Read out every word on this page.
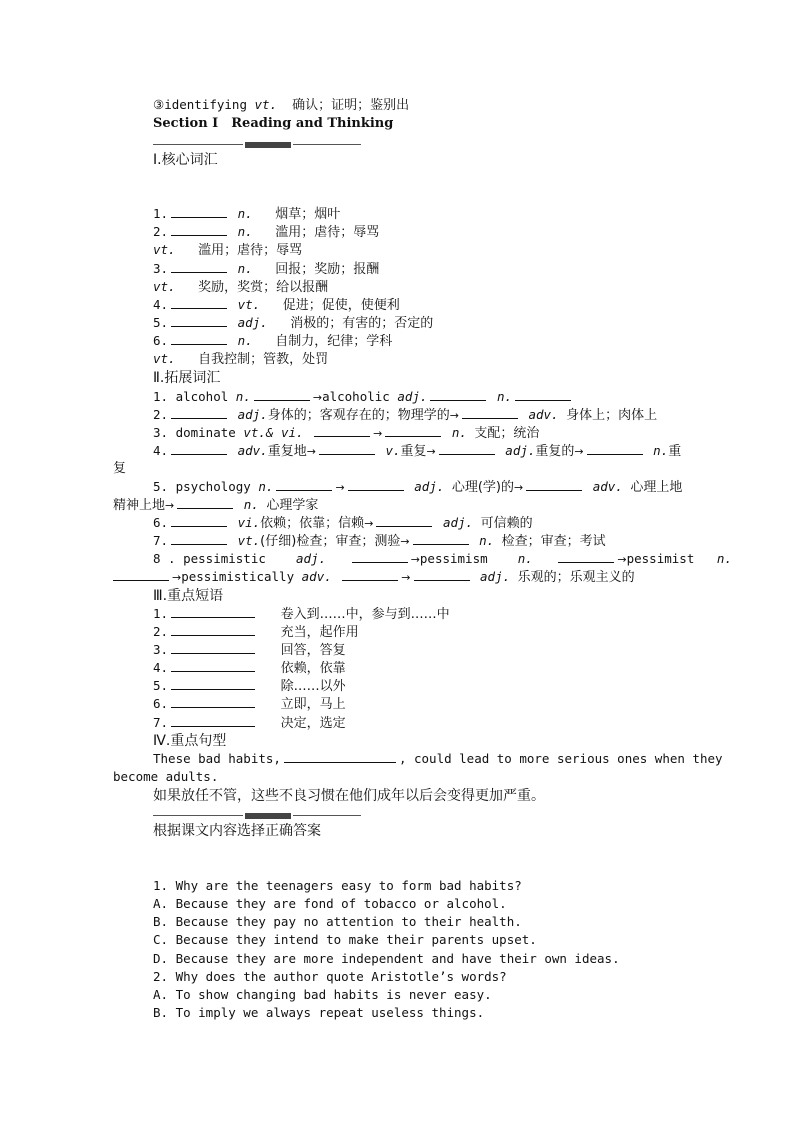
③identifying vt. 确认；证明；鉴别出
Section Ⅰ　Reading and Thinking
Ⅰ.核心词汇
1.	n. 烟草；烟叶
2.	n. 滥用；虐待；辱骂
vt. 滥用；虐待；辱骂
3.	n. 回报；奖励；报酬
vt. 奖励，奖赏；给以报酬
4.	vt. 促进；促使，使便利
5.	adj. 消极的；有害的；否定的
6.	n. 自制力，纪律；学科
vt. 自我控制；管教，处罚
Ⅱ.拓展词汇
1. alcohol n.	→alcoholic adj.	n.
2.	adj.身体的；客观存在的；物理学的→	adv. 身体上；肉体上
3. dominate vt.& vi.	→	n. 支配；统治
4.	adv.重复地→	v.重复→	adj.重复的→	n.重
复
5. psychology n.	→	adj. 心理(学)的→	adv. 心理上地
精神上地→	n. 心理学家
6.	vi.依赖；依靠；信赖→	adj. 可信赖的
7.	vt.(仔细)检查；审查；测验→	n. 检查；审查；考试
8 . pessimistic adj.	→pessimism n.	→pessimist n.
→pessimistically adv.	→	adj. 乐观的；乐观主义的
Ⅲ.重点短语
1.	卷入到……中，参与到……中
2.	充当，起作用
3.	回答，答复
4.	依赖，依靠
5.	除……以外
6.	立即，马上
7.	决定，选定
Ⅳ.重点句型
These bad habits,	, could lead to more serious ones when they
become adults.
如果放任不管，这些不良习惯在他们成年以后会变得更加严重。
根据课文内容选择正确答案
1. Why are the teenagers easy to form bad habits?
A. Because they are fond of tobacco or alcohol.
B. Because they pay no attention to their health.
C. Because they intend to make their parents upset.
D. Because they are more independent and have their own ideas.
2. Why does the author quote Aristotle’s words?
A. To show changing bad habits is never easy.
B. To imply we always repeat useless things.
